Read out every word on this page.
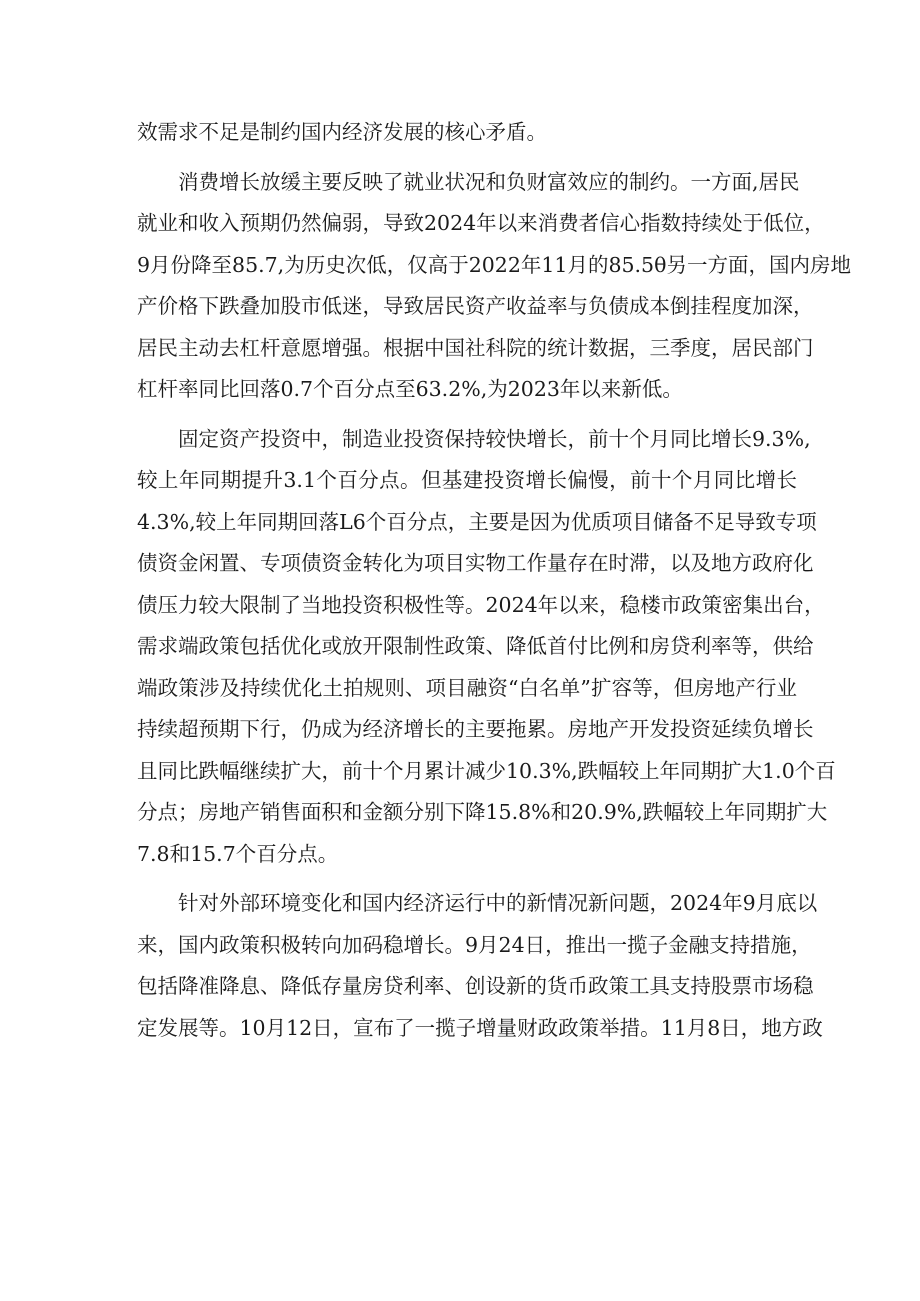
效需求不足是制约国内经济发展的核心矛盾。
消费增长放缓主要反映了就业状况和负财富效应的制约。一方面,居民
就业和收入预期仍然偏弱，导致2024年以来消费者信心指数持续处于低位，
9月份降至85.7,为历史次低，仅高于2022年11月的85.5θ另一方面，国内房地
产价格下跌叠加股市低迷，导致居民资产收益率与负债成本倒挂程度加深，
居民主动去杠杆意愿增强。根据中国社科院的统计数据，三季度，居民部门
杠杆率同比回落0.7个百分点至63.2%,为2023年以来新低。
固定资产投资中，制造业投资保持较快增长，前十个月同比增长9.3%,
较上年同期提升3.1个百分点。但基建投资增长偏慢，前十个月同比增长
4.3%,较上年同期回落L6个百分点，主要是因为优质项目储备不足导致专项
债资金闲置、专项债资金转化为项目实物工作量存在时滞，以及地方政府化
债压力较大限制了当地投资积极性等。2024年以来，稳楼市政策密集出台，
需求端政策包括优化或放开限制性政策、降低首付比例和房贷利率等，供给
端政策涉及持续优化土拍规则、项目融资“白名单”扩容等，但房地产行业
持续超预期下行，仍成为经济增长的主要拖累。房地产开发投资延续负增长
且同比跌幅继续扩大，前十个月累计减少10.3%,跌幅较上年同期扩大1.0个百
分点；房地产销售面积和金额分别下降15.8%和20.9%,跌幅较上年同期扩大
7.8和15.7个百分点。
针对外部环境变化和国内经济运行中的新情况新问题，2024年9月底以
来，国内政策积极转向加码稳增长。9月24日，推出一揽子金融支持措施，
包括降准降息、降低存量房贷利率、创设新的货币政策工具支持股票市场稳
定发展等。10月12日，宣布了一揽子增量财政政策举措。11月8日，地方政
